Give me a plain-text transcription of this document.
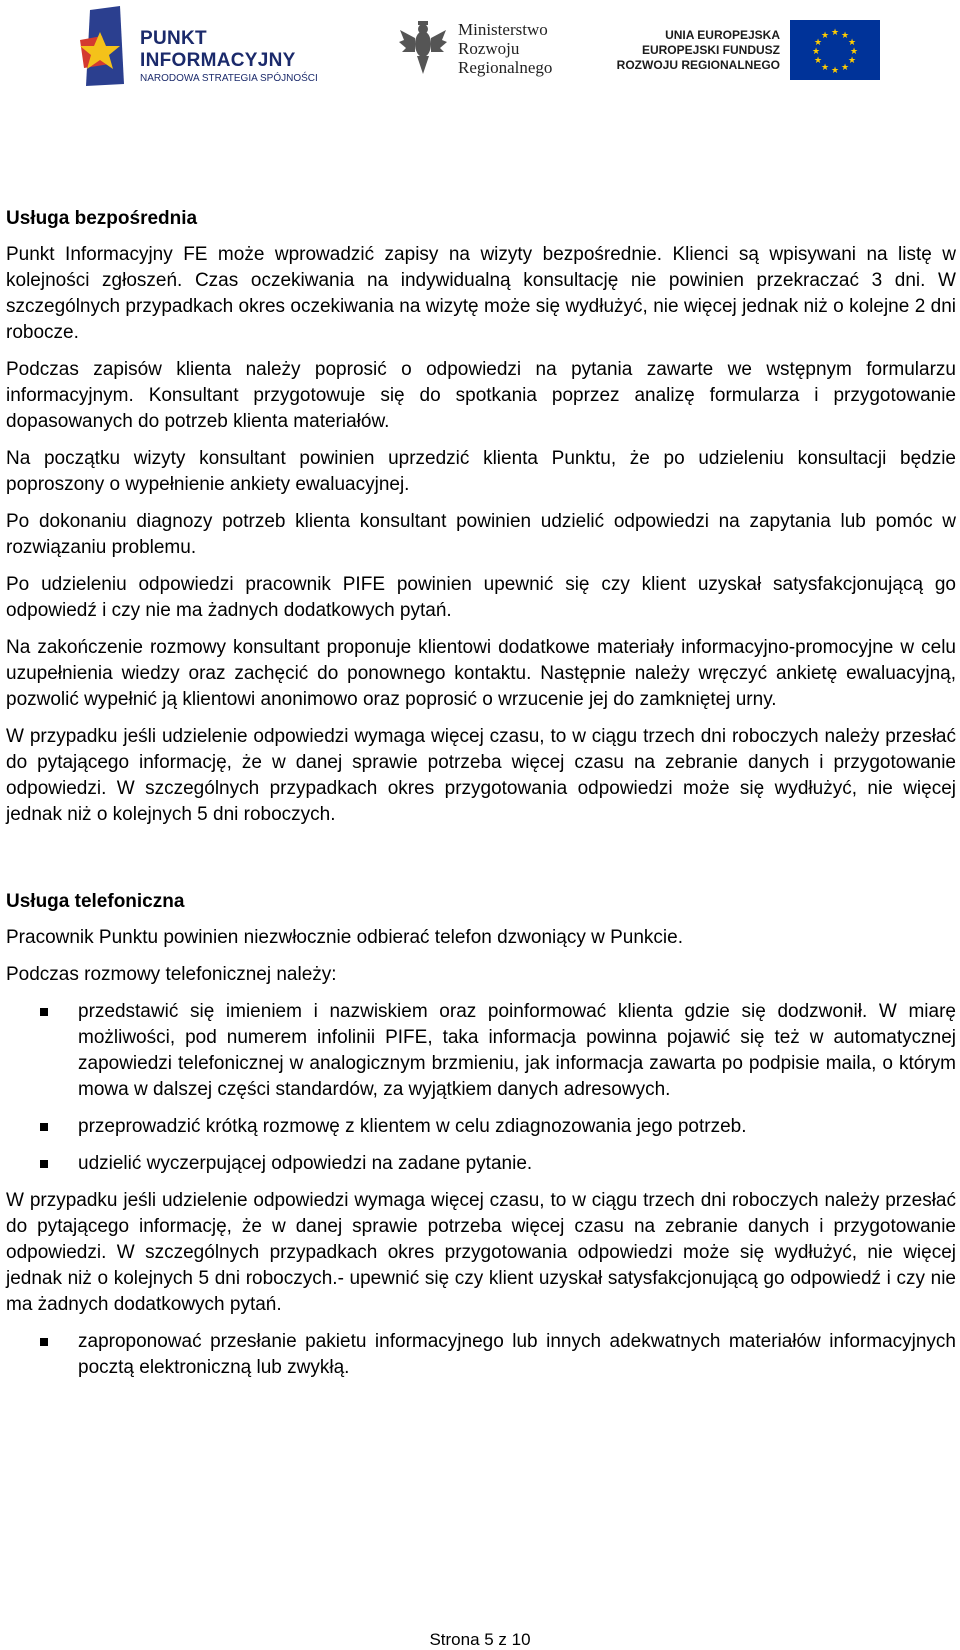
PUNKT
INFORMACYJNY
NARODOWA STRATEGIA SPÓJNOŚCI
Ministerstwo
Rozwoju
Regionalnego
UNIA EUROPEJSKA
EUROPEJSKI FUNDUSZ
ROZWOJU REGIONALNEGO
★ ★
★
★
★
★
★
★
★
★
★
★
Usługa bezpośrednia

Punkt Informacyjny FE może wprowadzić zapisy na wizyty bezpośrednie. Klienci są wpisywani na listę w kolejności zgłoszeń. Czas oczekiwania na indywidualną konsultację nie powinien przekraczać 3 dni. W szczególnych przypadkach okres oczekiwania na wizytę może się wydłużyć, nie więcej jednak niż o kolejne 2 dni robocze.

Podczas zapisów klienta należy poprosić o odpowiedzi na pytania zawarte we wstępnym formularzu informacyjnym. Konsultant przygotowuje się do spotkania poprzez analizę formularza i przygotowanie dopasowanych do potrzeb klienta materiałów.

Na początku wizyty konsultant powinien uprzedzić klienta Punktu, że po udzieleniu konsultacji będzie poproszony o wypełnienie ankiety ewaluacyjnej.

Po dokonaniu diagnozy potrzeb klienta konsultant powinien udzielić odpowiedzi na zapytania lub pomóc w rozwiązaniu problemu.

Po udzieleniu odpowiedzi pracownik PIFE powinien upewnić się czy klient uzyskał satysfakcjonującą go odpowiedź i czy nie ma żadnych dodatkowych pytań.

Na zakończenie rozmowy konsultant proponuje klientowi dodatkowe materiały informacyjno-promocyjne w celu uzupełnienia wiedzy oraz zachęcić do ponownego kontaktu. Następnie należy wręczyć ankietę ewaluacyjną, pozwolić wypełnić ją klientowi anonimowo oraz poprosić o wrzucenie jej do zamkniętej urny.

W przypadku jeśli udzielenie odpowiedzi wymaga więcej czasu, to w ciągu trzech dni roboczych należy przesłać do pytającego informację, że w danej sprawie potrzeba więcej czasu na zebranie danych i przygotowanie odpowiedzi. W szczególnych przypadkach okres przygotowania odpowiedzi może się wydłużyć, nie więcej jednak niż o kolejnych 5 dni roboczych.

Usługa telefoniczna

Pracownik Punktu powinien niezwłocznie odbierać telefon dzwoniący w Punkcie.

Podczas rozmowy telefonicznej należy:

przedstawić się imieniem i nazwiskiem oraz poinformować klienta gdzie się dodzwonił. W miarę możliwości, pod numerem infolinii PIFE, taka informacja powinna pojawić się też w automatycznej zapowiedzi telefonicznej w analogicznym brzmieniu, jak informacja zawarta po podpisie maila, o którym mowa w dalszej części standardów, za wyjątkiem danych adresowych.
przeprowadzić krótką rozmowę z klientem w celu zdiagnozowania jego potrzeb.
udzielić wyczerpującej odpowiedzi na zadane pytanie.

W przypadku jeśli udzielenie odpowiedzi wymaga więcej czasu, to w ciągu trzech dni roboczych należy przesłać do pytającego informację, że w danej sprawie potrzeba więcej czasu na zebranie danych i przygotowanie odpowiedzi. W szczególnych przypadkach okres przygotowania odpowiedzi może się wydłużyć, nie więcej jednak niż o kolejnych 5 dni roboczych.- upewnić się czy klient uzyskał satysfakcjonującą go odpowiedź i czy nie ma żadnych dodatkowych pytań.

zaproponować przesłanie pakietu informacyjnego lub innych adekwatnych materiałów informacyjnych pocztą elektroniczną lub zwykłą.
Strona 5 z 10
